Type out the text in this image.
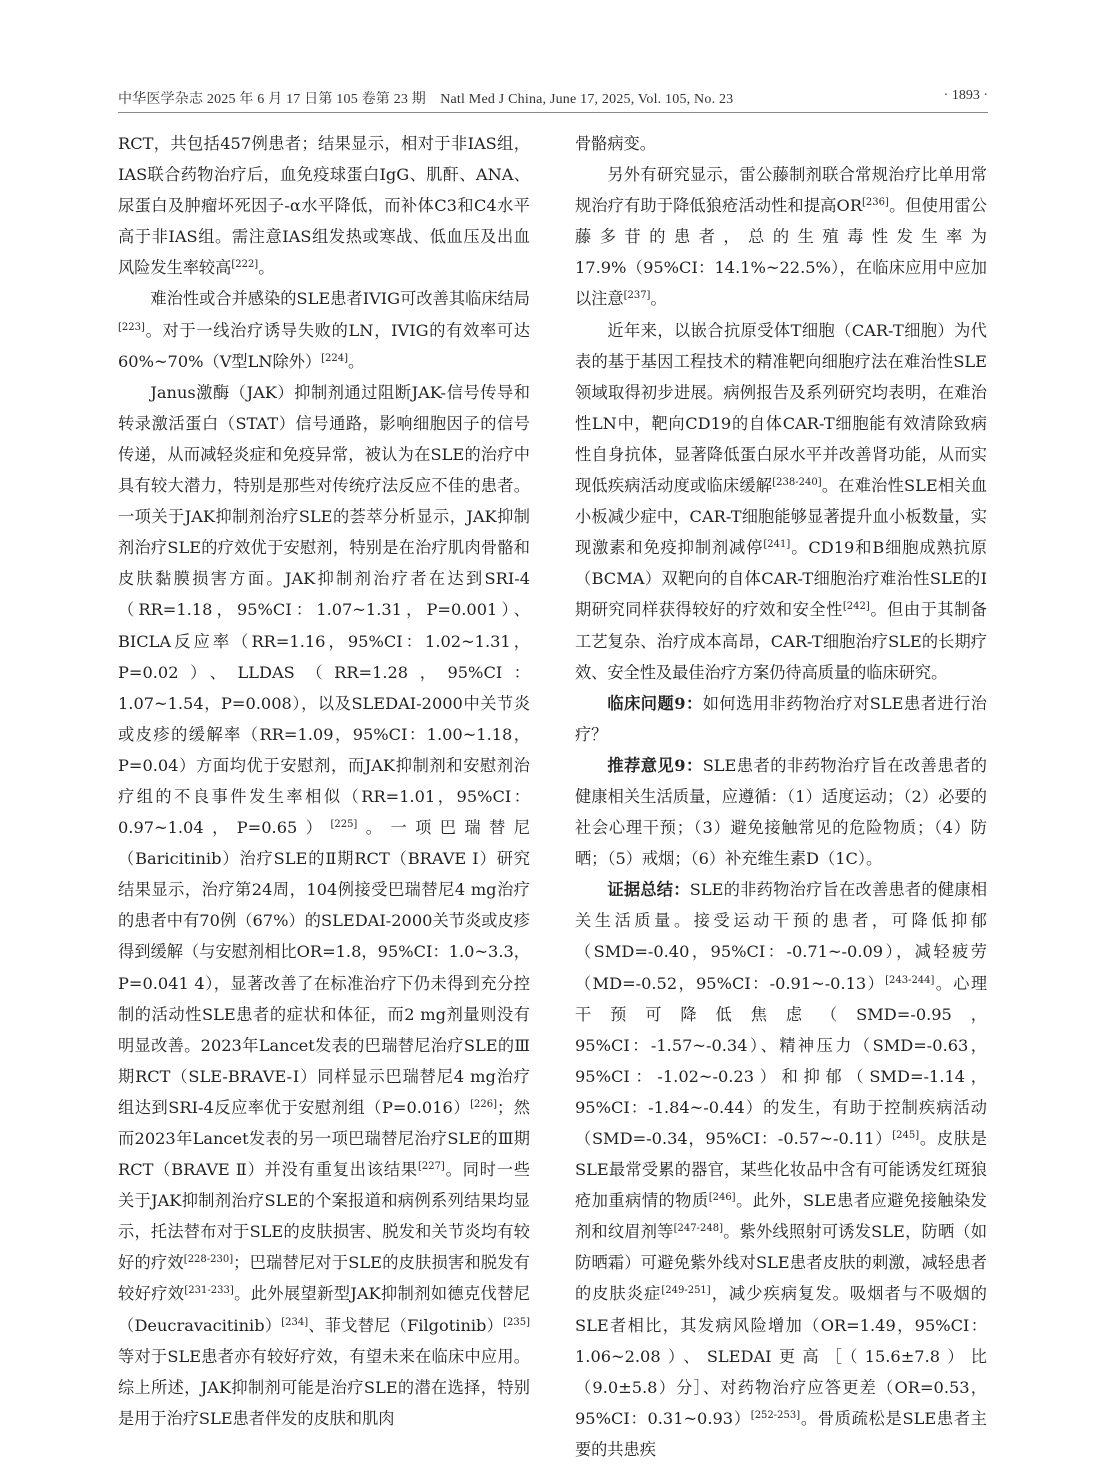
中华医学杂志 2025 年 6 月 17 日第 105 卷第 23 期　Natl Med J China, June 17, 2025, Vol. 105, No. 23	· 1893 ·

RCT，共包括457例患者；结果显示，相对于非IAS组，IAS联合药物治疗后，血免疫球蛋白IgG、肌酐、ANA、尿蛋白及肿瘤坏死因子-α水平降低，而补体C3和C4水平高于非IAS组。需注意IAS组发热或寒战、低血压及出血风险发生率较高[222]。

难治性或合并感染的SLE患者IVIG可改善其临床结局[223]。对于一线治疗诱导失败的LN，IVIG的有效率可达60%~70%（Ⅴ型LN除外）[224]。

Janus激酶（JAK）抑制剂通过阻断JAK-信号传导和转录激活蛋白（STAT）信号通路，影响细胞因子的信号传递，从而减轻炎症和免疫异常，被认为在SLE的治疗中具有较大潜力，特别是那些对传统疗法反应不佳的患者。一项关于JAK抑制剂治疗SLE的荟萃分析显示，JAK抑制剂治疗SLE的疗效优于安慰剂，特别是在治疗肌肉骨骼和皮肤黏膜损害方面。JAK抑制剂治疗者在达到SRI-4（RR=1.18，95%CI：1.07~1.31，P=0.001）、BICLA反应率（RR=1.16，95%CI：1.02~1.31，P=0.02）、LLDAS（RR=1.28，95%CI：1.07~1.54，P=0.008），以及SLEDAI-2000中关节炎或皮疹的缓解率（RR=1.09，95%CI：1.00~1.18，P=0.04）方面均优于安慰剂，而JAK抑制剂和安慰剂治疗组的不良事件发生率相似（RR=1.01，95%CI：0.97~1.04，P=0.65）[225]。一项巴瑞替尼（Baricitinib）治疗SLE的Ⅱ期RCT（BRAVE Ⅰ）研究结果显示，治疗第24周，104例接受巴瑞替尼4 mg治疗的患者中有70例（67%）的SLEDAI-2000关节炎或皮疹得到缓解（与安慰剂相比OR=1.8，95%CI：1.0~3.3，P=0.041 4），显著改善了在标准治疗下仍未得到充分控制的活动性SLE患者的症状和体征，而2 mg剂量则没有明显改善。2023年Lancet发表的巴瑞替尼治疗SLE的Ⅲ期RCT（SLE-BRAVE-Ⅰ）同样显示巴瑞替尼4 mg治疗组达到SRI-4反应率优于安慰剂组（P=0.016）[226]；然而2023年Lancet发表的另一项巴瑞替尼治疗SLE的Ⅲ期RCT（BRAVE Ⅱ）并没有重复出该结果[227]。同时一些关于JAK抑制剂治疗SLE的个案报道和病例系列结果均显示，托法替布对于SLE的皮肤损害、脱发和关节炎均有较好的疗效[228-230]；巴瑞替尼对于SLE的皮肤损害和脱发有较好疗效[231-233]。此外展望新型JAK抑制剂如德克伐替尼（Deucravacitinib）[234]、菲戈替尼（Filgotinib）[235]等对于SLE患者亦有较好疗效，有望未来在临床中应用。综上所述，JAK抑制剂可能是治疗SLE的潜在选择，特别是用于治疗SLE患者伴发的皮肤和肌肉

骨骼病变。

另外有研究显示，雷公藤制剂联合常规治疗比单用常规治疗有助于降低狼疮活动性和提高OR[236]。但使用雷公藤多苷的患者，总的生殖毒性发生率为17.9%（95%CI：14.1%~22.5%），在临床应用中应加以注意[237]。

近年来，以嵌合抗原受体T细胞（CAR-T细胞）为代表的基于基因工程技术的精准靶向细胞疗法在难治性SLE领域取得初步进展。病例报告及系列研究均表明，在难治性LN中，靶向CD19的自体CAR-T细胞能有效清除致病性自身抗体，显著降低蛋白尿水平并改善肾功能，从而实现低疾病活动度或临床缓解[238-240]。在难治性SLE相关血小板减少症中，CAR-T细胞能够显著提升血小板数量，实现激素和免疫抑制剂减停[241]。CD19和B细胞成熟抗原（BCMA）双靶向的自体CAR-T细胞治疗难治性SLE的Ⅰ期研究同样获得较好的疗效和安全性[242]。但由于其制备工艺复杂、治疗成本高昂，CAR-T细胞治疗SLE的长期疗效、安全性及最佳治疗方案仍待高质量的临床研究。

临床问题9：如何选用非药物治疗对SLE患者进行治疗？

推荐意见9：SLE患者的非药物治疗旨在改善患者的健康相关生活质量，应遵循：（1）适度运动；（2）必要的社会心理干预；（3）避免接触常见的危险物质；（4）防晒；（5）戒烟；（6）补充维生素D（1C）。

证据总结：SLE的非药物治疗旨在改善患者的健康相关生活质量。接受运动干预的患者，可降低抑郁（SMD=-0.40，95%CI：-0.71~-0.09），减轻疲劳（MD=-0.52，95%CI：-0.91~-0.13）[243-244]。心理干预可降低焦虑（SMD=-0.95，95%CI：-1.57~-0.34）、精神压力（SMD=-0.63，95%CI：-1.02~-0.23）和抑郁（SMD=-1.14，95%CI：-1.84~-0.44）的发生，有助于控制疾病活动（SMD=-0.34，95%CI：-0.57~-0.11）[245]。皮肤是SLE最常受累的器官，某些化妆品中含有可能诱发红斑狼疮加重病情的物质[246]。此外，SLE患者应避免接触染发剂和纹眉剂等[247-248]。紫外线照射可诱发SLE，防晒（如防晒霜）可避免紫外线对SLE患者皮肤的刺激，减轻患者的皮肤炎症[249-251]，减少疾病复发。吸烟者与不吸烟的SLE者相比，其发病风险增加（OR=1.49，95%CI：1.06~2.08）、SLEDAI更高［（15.6±7.8）比（9.0±5.8）分］、对药物治疗应答更差（OR=0.53，95%CI：0.31~0.93）[252-253]。骨质疏松是SLE患者主要的共患疾
